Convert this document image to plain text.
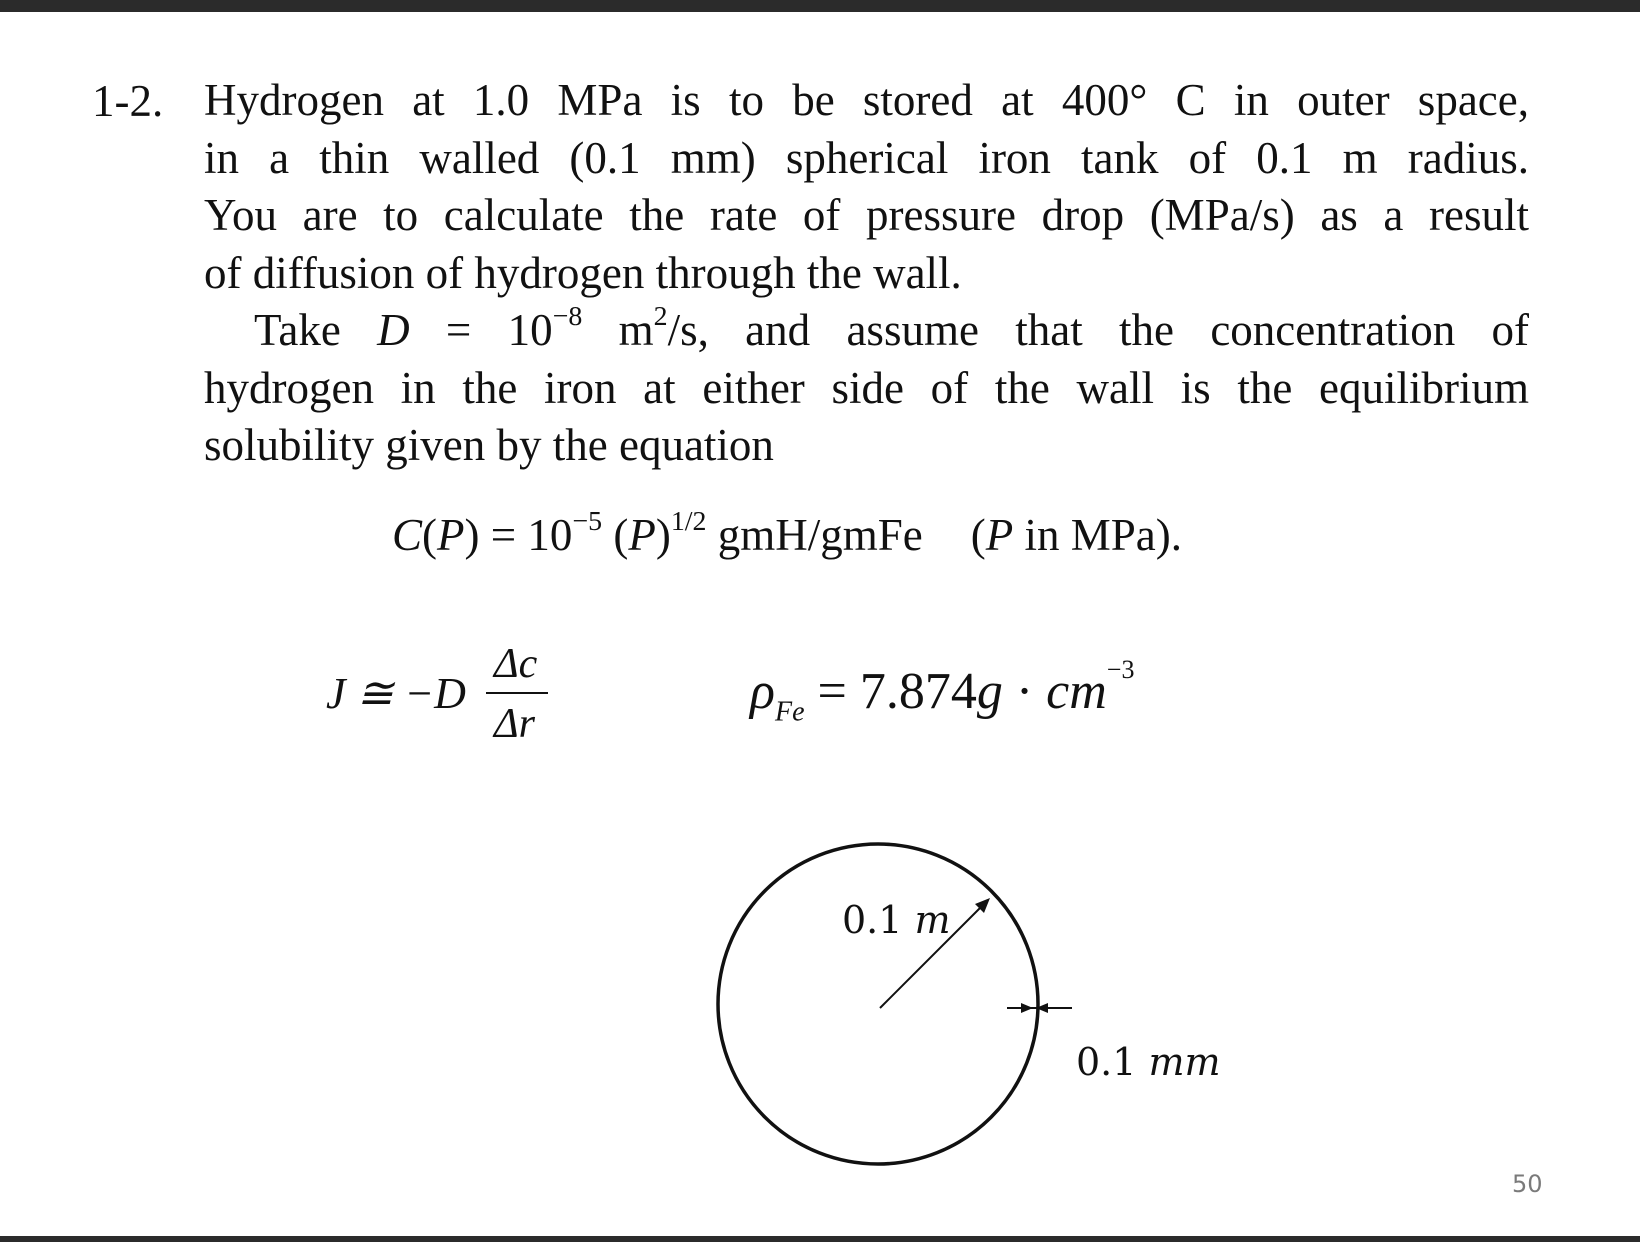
1-2. Hydrogen at 1.0 MPa is to be stored at 400° C in outer space,
in a thin walled (0.1 mm) spherical iron tank of 0.1 m radius.
You are to calculate the rate of pressure drop (MPa/s) as a result
of diffusion of hydrogen through the wall.
Take $D = 10^{-8}$ $m^2/s$, and assume that the concentration of
hydrogen in the iron at either side of the wall is the equilibrium
solubility given by the equation
$C(P) = 10^{-5}$ $(P)^{1/2}$ gmH/gmFe (P in MPa).
J ≅ −D
Δc
Δr
$\rho_{Fe} = 7.874g \cdot cm^{-3}$
0.1 m
0.1 mm
50
